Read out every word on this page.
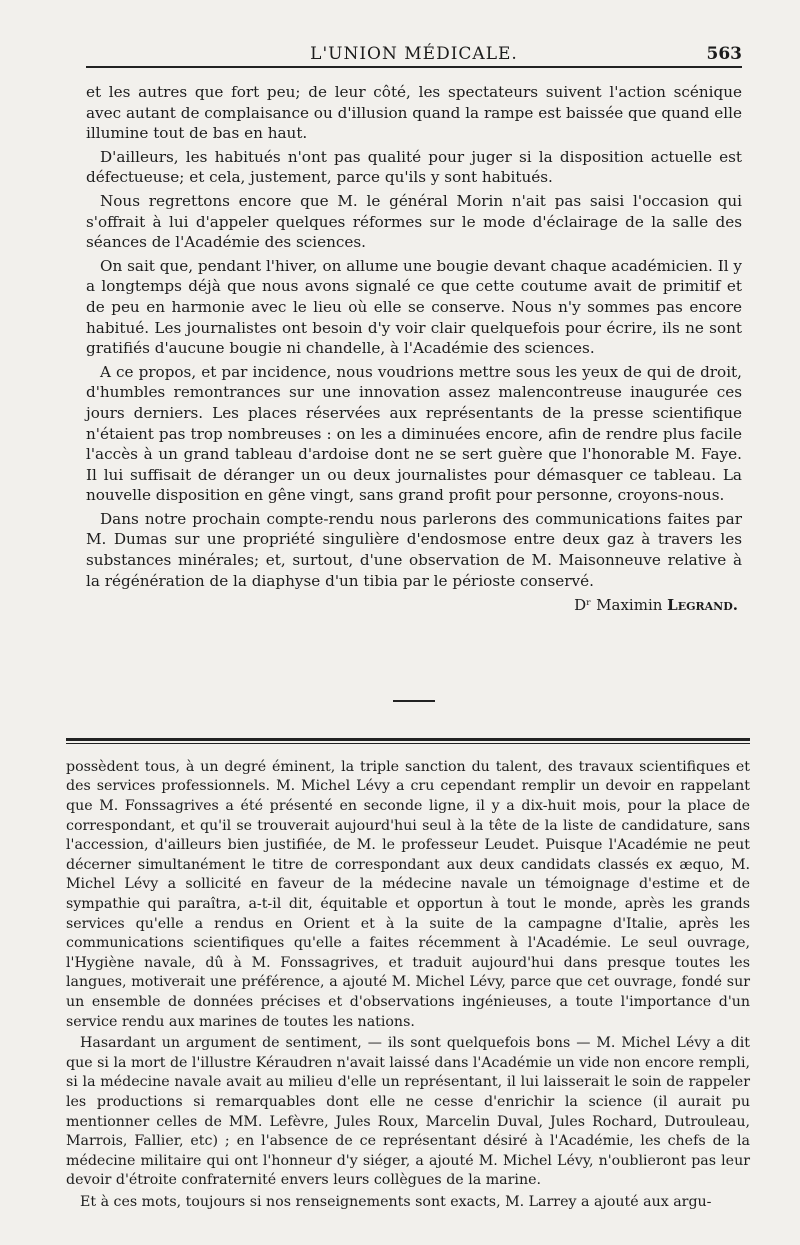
L'UNION MÉDICALE.	563

et les autres que fort peu; de leur côté, les spectateurs suivent l'action scénique avec autant de complaisance ou d'illusion quand la rampe est baissée que quand elle illumine tout de bas en haut.

D'ailleurs, les habitués n'ont pas qualité pour juger si la disposition actuelle est défectueuse; et cela, justement, parce qu'ils y sont habitués.

Nous regrettons encore que M. le général Morin n'ait pas saisi l'occasion qui s'offrait à lui d'appeler quelques réformes sur le mode d'éclairage de la salle des séances de l'Académie des sciences.

On sait que, pendant l'hiver, on allume une bougie devant chaque académicien. Il y a longtemps déjà que nous avons signalé ce que cette coutume avait de primitif et de peu en harmonie avec le lieu où elle se conserve. Nous n'y sommes pas encore habitué. Les journalistes ont besoin d'y voir clair quelquefois pour écrire, ils ne sont gratifiés d'aucune bougie ni chandelle, à l'Académie des sciences.

A ce propos, et par incidence, nous voudrions mettre sous les yeux de qui de droit, d'humbles remontrances sur une innovation assez malencontreuse inaugurée ces jours derniers. Les places réservées aux représentants de la presse scientifique n'étaient pas trop nombreuses : on les a diminuées encore, afin de rendre plus facile l'accès à un grand tableau d'ardoise dont ne se sert guère que l'honorable M. Faye. Il lui suffisait de déranger un ou deux journalistes pour démasquer ce tableau. La nouvelle disposition en gêne vingt, sans grand profit pour personne, croyons-nous.

Dans notre prochain compte-rendu nous parlerons des communications faites par M. Dumas sur une propriété singulière d'endosmose entre deux gaz à travers les substances minérales; et, surtout, d'une observation de M. Maisonneuve relative à la régénération de la diaphyse d'un tibia par le périoste conservé.

Dʳ Maximin Legrand.

possèdent tous, à un degré éminent, la triple sanction du talent, des travaux scientifiques et des services professionnels. M. Michel Lévy a cru cependant remplir un devoir en rappelant que M. Fonssagrives a été présenté en seconde ligne, il y a dix-huit mois, pour la place de correspondant, et qu'il se trouverait aujourd'hui seul à la tête de la liste de candidature, sans l'accession, d'ailleurs bien justifiée, de M. le professeur Leudet. Puisque l'Académie ne peut décerner simultanément le titre de correspondant aux deux candidats classés ex æquo, M. Michel Lévy a sollicité en faveur de la médecine navale un témoignage d'estime et de sympathie qui paraîtra, a-t-il dit, équitable et opportun à tout le monde, après les grands services qu'elle a rendus en Orient et à la suite de la campagne d'Italie, après les communications scientifiques qu'elle a faites récemment à l'Académie. Le seul ouvrage, l'Hygiène navale, dû à M. Fonssagrives, et traduit aujourd'hui dans presque toutes les langues, motiverait une préférence, a ajouté M. Michel Lévy, parce que cet ouvrage, fondé sur un ensemble de données précises et d'observations ingénieuses, a toute l'importance d'un service rendu aux marines de toutes les nations.

Hasardant un argument de sentiment, — ils sont quelquefois bons — M. Michel Lévy a dit que si la mort de l'illustre Kéraudren n'avait laissé dans l'Académie un vide non encore rempli, si la médecine navale avait au milieu d'elle un représentant, il lui laisserait le soin de rappeler les productions si remarquables dont elle ne cesse d'enrichir la science (il aurait pu mentionner celles de MM. Lefèvre, Jules Roux, Marcelin Duval, Jules Rochard, Dutrouleau, Marrois, Fallier, etc) ; en l'absence de ce représentant désiré à l'Académie, les chefs de la médecine militaire qui ont l'honneur d'y siéger, a ajouté M. Michel Lévy, n'oublieront pas leur devoir d'étroite confraternité envers leurs collègues de la marine.

Et à ces mots, toujours si nos renseignements sont exacts, M. Larrey a ajouté aux argu-
